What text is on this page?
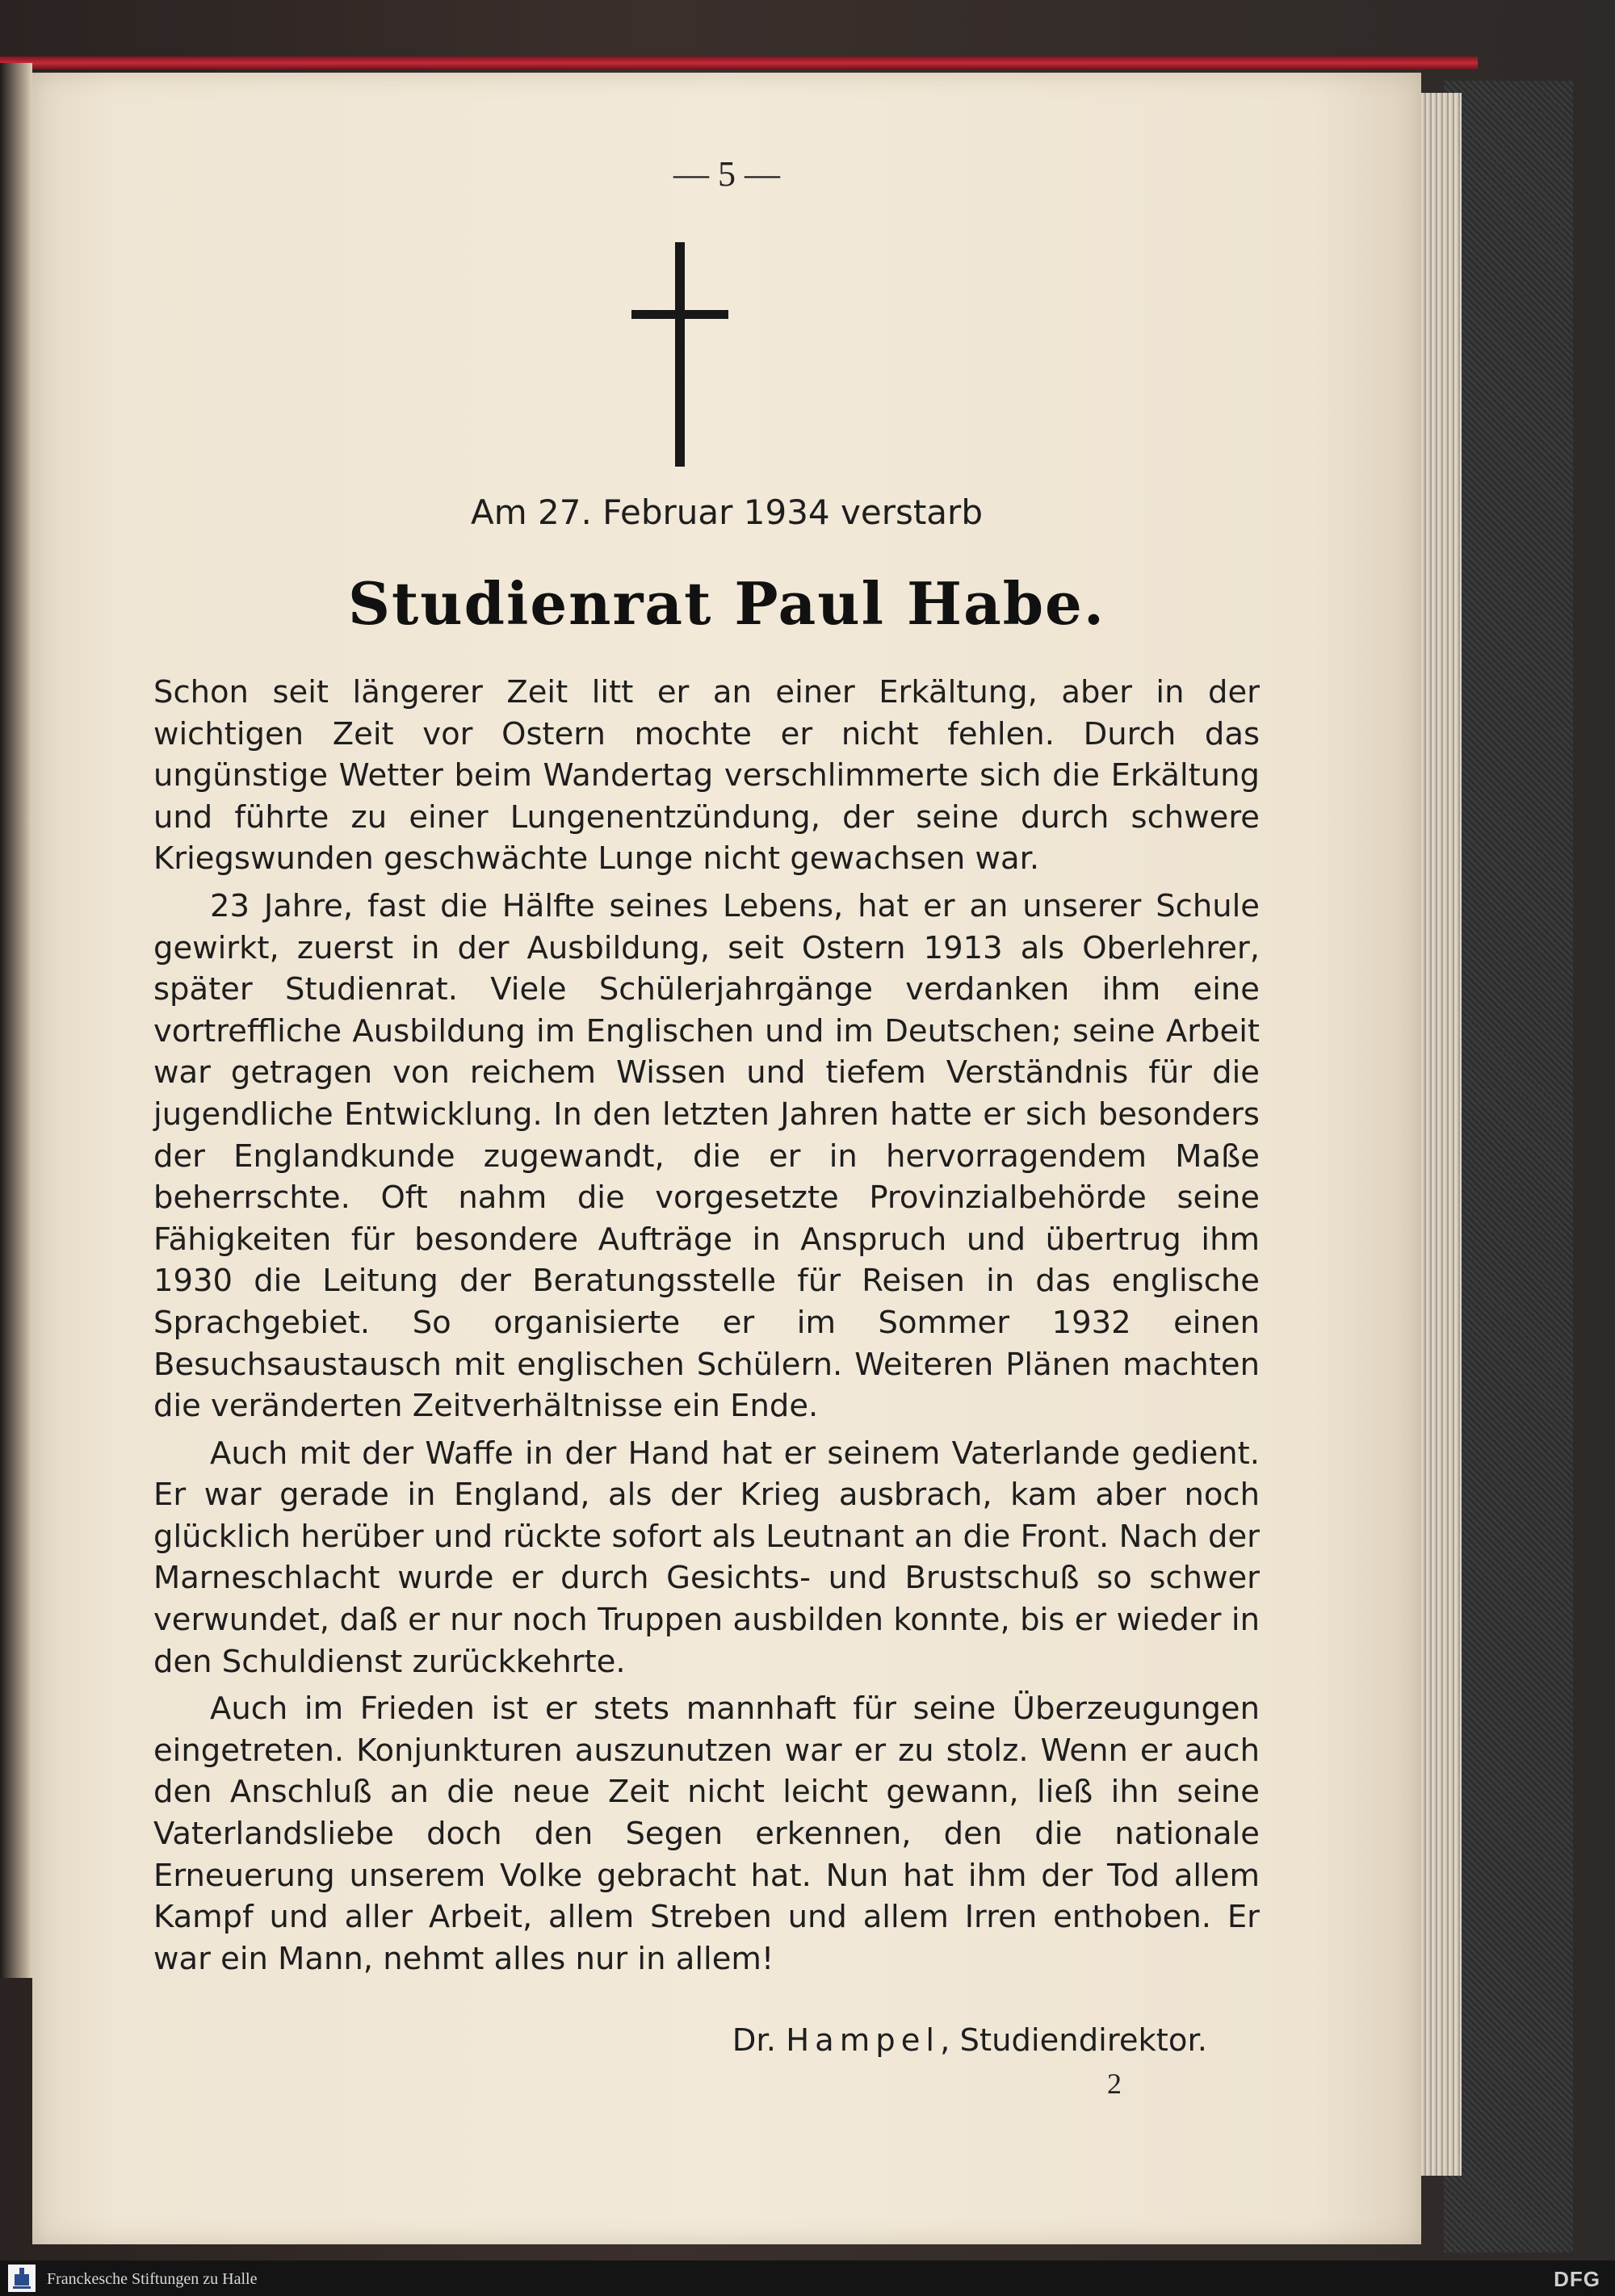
— 5 —
Am 27. Februar 1934 verstarb
Studienrat Paul Habe.

Schon seit längerer Zeit litt er an einer Erkältung, aber in der wichtigen Zeit vor Ostern mochte er nicht fehlen. Durch das ungünstige Wetter beim Wandertag verschlimmerte sich die Erkältung und führte zu einer Lungenentzündung, der seine durch schwere Kriegswunden geschwächte Lunge nicht gewachsen war.

23 Jahre, fast die Hälfte seines Lebens, hat er an unserer Schule gewirkt, zuerst in der Ausbildung, seit Ostern 1913 als Oberlehrer, später Studienrat. Viele Schülerjahrgänge verdanken ihm eine vortreffliche Ausbildung im Englischen und im Deutschen; seine Arbeit war getragen von reichem Wissen und tiefem Verständnis für die jugendliche Entwicklung. In den letzten Jahren hatte er sich besonders der Englandkunde zugewandt, die er in hervorragendem Maße beherrschte. Oft nahm die vorgesetzte Provinzialbehörde seine Fähigkeiten für besondere Aufträge in Anspruch und übertrug ihm 1930 die Leitung der Beratungsstelle für Reisen in das englische Sprachgebiet. So organisierte er im Sommer 1932 einen Besuchsaustausch mit englischen Schülern. Weiteren Plänen machten die veränderten Zeitverhältnisse ein Ende.

Auch mit der Waffe in der Hand hat er seinem Vaterlande gedient. Er war gerade in England, als der Krieg ausbrach, kam aber noch glücklich herüber und rückte sofort als Leutnant an die Front. Nach der Marneschlacht wurde er durch Gesichts- und Brustschuß so schwer verwundet, daß er nur noch Truppen ausbilden konnte, bis er wieder in den Schuldienst zurückkehrte.

Auch im Frieden ist er stets mannhaft für seine Überzeugungen eingetreten. Konjunkturen auszunutzen war er zu stolz. Wenn er auch den Anschluß an die neue Zeit nicht leicht gewann, ließ ihn seine Vaterlandsliebe doch den Segen erkennen, den die nationale Erneuerung unserem Volke gebracht hat. Nun hat ihm der Tod allem Kampf und aller Arbeit, allem Streben und allem Irren enthoben. Er war ein Mann, nehmt alles nur in allem!

Dr. Hampel, Studiendirektor.
2
Franckesche Stiftungen zu Halle	DFG
